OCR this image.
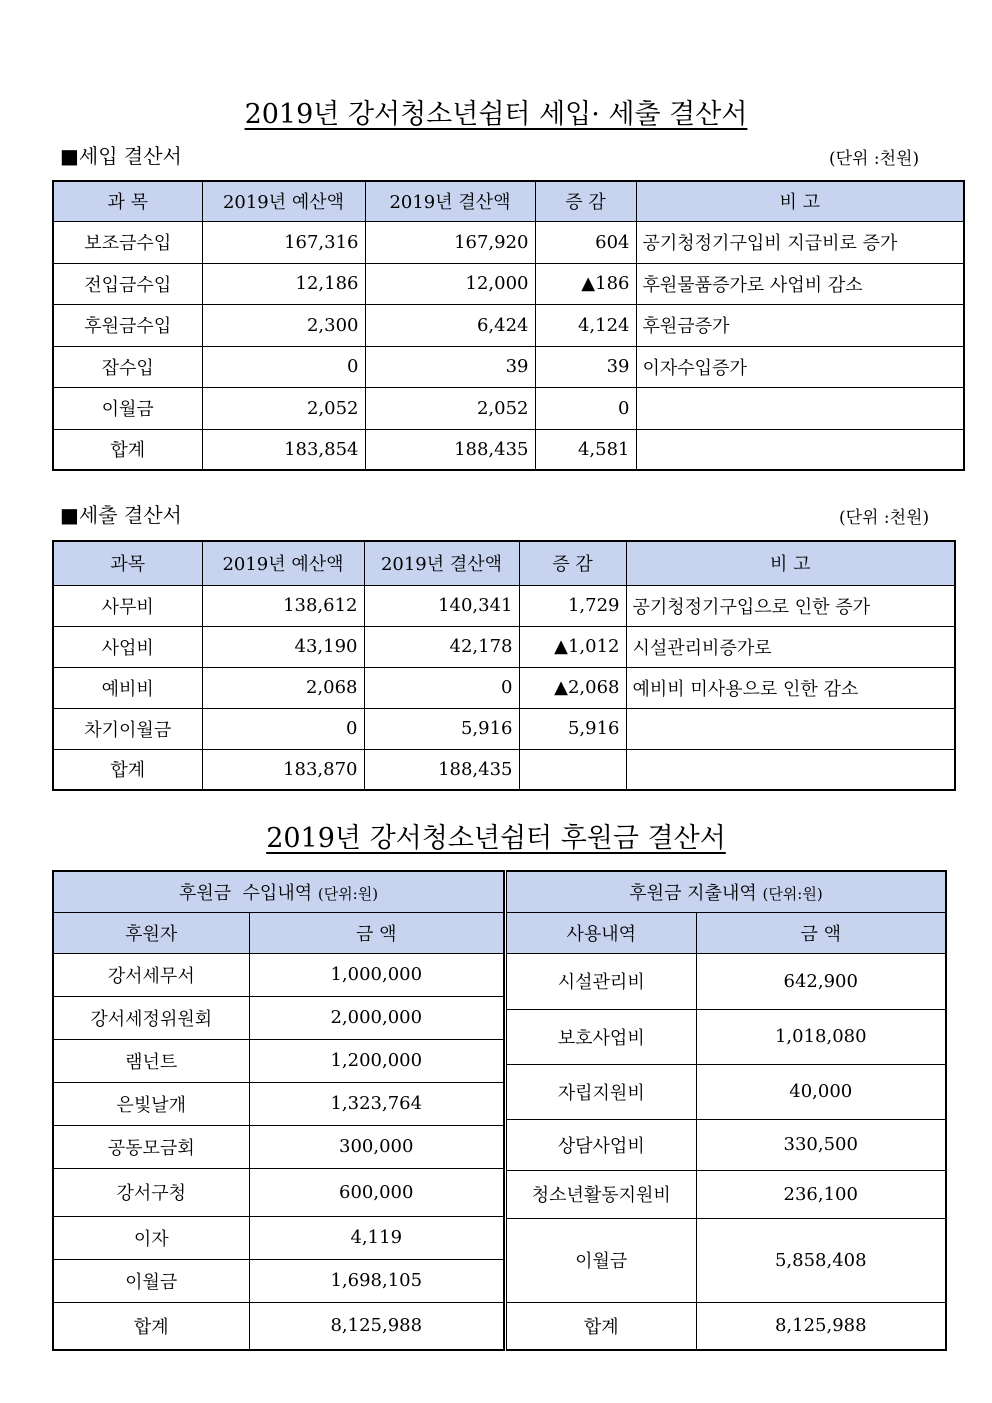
2019년 강서청소년쉼터 세입· 세출 결산서
■세입 결산서	(단위 :천원)
과 목	2019년 예산액	2019년 결산액	증 감	비 고
보조금수입	167,316	167,920	604	공기청정기구입비 지급비로 증가
전입금수입	12,186	12,000	▲186	후원물품증가로 사업비 감소
후원금수입	2,300	6,424	4,124	후원금증가
잡수입	0	39	39	이자수입증가
이월금	2,052	2,052	0	
합계	183,854	188,435	4,581	
■세출 결산서	(단위 :천원)
과목	2019년 예산액	2019년 결산액	증 감	비 고
사무비	138,612	140,341	1,729	공기청정기구입으로 인한 증가
사업비	43,190	42,178	▲1,012	시설관리비증가로
예비비	2,068	0	▲2,068	예비비 미사용으로 인한 감소
차기이월금	0	5,916	5,916	
합계	183,870	188,435		
2019년 강서청소년쉼터 후원금 결산서
후원금  수입내역 (단위:원)	
후원자	금 액
강서세무서	1,000,000
강서세정위원회	2,000,000
램넌트	1,200,000
은빛날개	1,323,764
공동모금회	300,000
강서구청	600,000
이자	4,119
이월금	1,698,105
합계	8,125,988
후원금 지출내역 (단위:원)	
사용내역	금 액
시설관리비	642,900
보호사업비	1,018,080
자립지원비	40,000
상담사업비	330,500
청소년활동지원비	236,100
이월금	5,858,408
합계	8,125,988
